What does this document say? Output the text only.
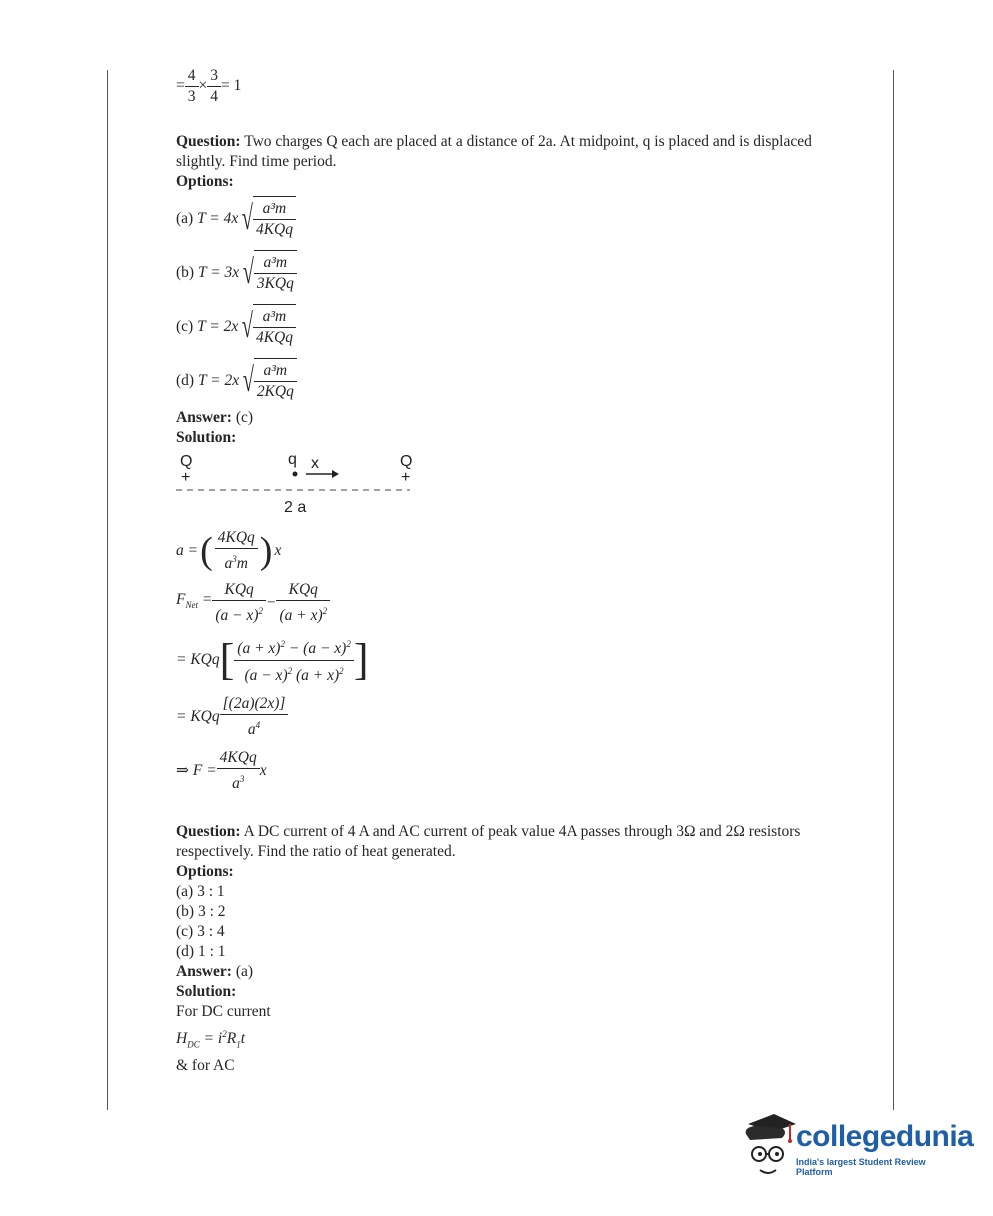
= $\frac{4}{3} \times \frac{3}{4} = 1$

Question: Two charges Q each are placed at a distance of 2a. At midpoint, q is placed and is displaced slightly. Find time period.

Options:

(a)
T = 4x √ $\frac{\text{a³m}}{\text{4KQq}}$
(b)
T = 3x √ $\frac{\text{a³m}}{\text{3KQq}}$
(c)
T = 2x √ $\frac{\text{a³m}}{\text{4KQq}}$
(d)
T = 2x √ $\frac{\text{a³m}}{\text{2KQq}}$

Answer: (c)

Solution:

Q
+
q x	Q
+
2 a
a = ( $\frac{\text{4KQq}}{a^3m}$ ) x
$F_{Net} = \frac{\text{KQq}}{(a - x)^2} - \frac{\text{KQq}}{(a + x)^2}$
= KQq [ $\frac{(a + x)^2 - (a - x)^2}{(a - x)^2 (a + x)^2}$ ]
= KQq $\frac{[(2a)(2x)]}{a^4}$
⇒ $F = \frac{\text{4KQq}}{a^3}$ x

Question: A DC current of 4 A and AC current of peak value 4A passes through 3Ω and 2Ω resistors respectively. Find the ratio of heat generated.

Options:

(a) 3 : 1

(b) 3 : 2

(c) 3 : 4

(d) 1 : 1

Answer: (a)

Solution:

For DC current

$H_{DC} = i^2R_1t$

& for AC

collegedunia
India's largest Student Review Platform
